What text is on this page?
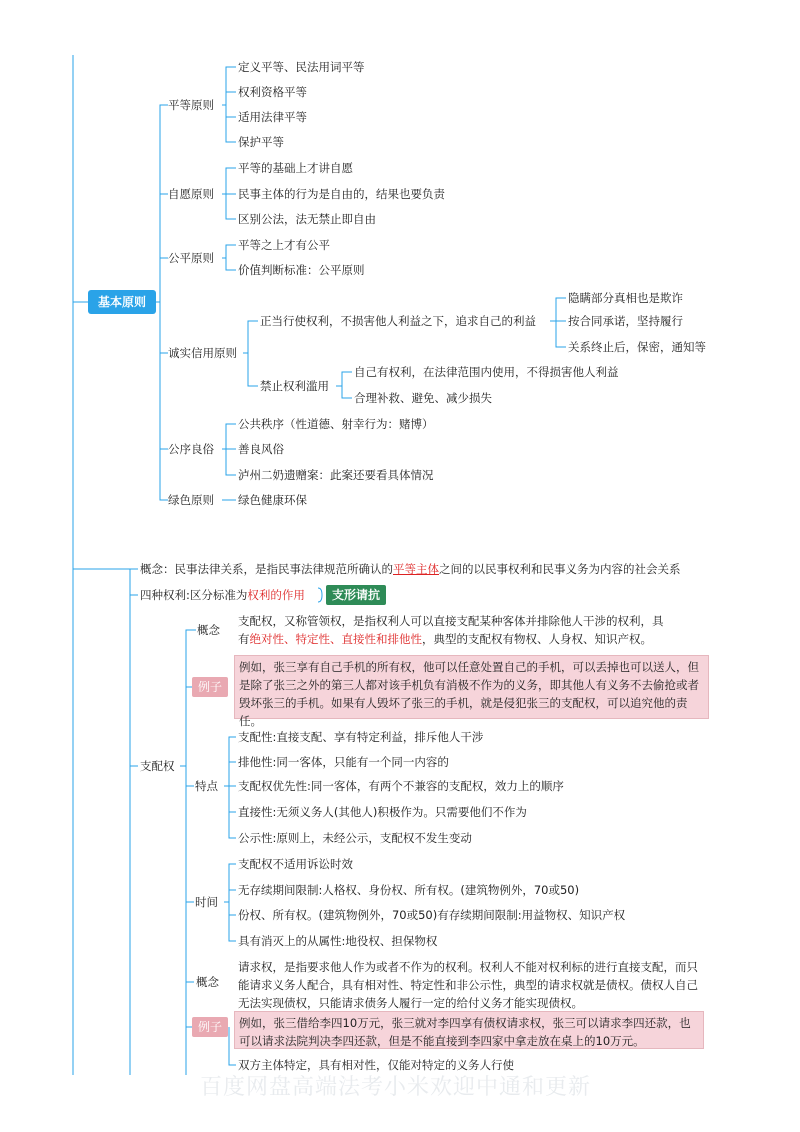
基本原则
平等原则
定义平等、民法用词平等
权利资格平等
适用法律平等
保护平等
自愿原则
平等的基础上才讲自愿
民事主体的行为是自由的，结果也要负责
区别公法，法无禁止即自由
公平原则
平等之上才有公平
价值判断标准：公平原则
诚实信用原则
正当行使权利，不损害他人利益之下，追求自己的利益
隐瞒部分真相也是欺诈
按合同承诺，坚持履行
关系终止后，保密，通知等
禁止权利滥用
自己有权利，在法律范围内使用，不得损害他人利益
合理补救、避免、减少损失
公序良俗
公共秩序（性道德、射幸行为：赌博）
善良风俗
泸州二奶遗赠案：此案还要看具体情况
绿色原则 绿色健康环保
概念：民事法律关系，是指民事法律规范所确认的平等主体之间的以民事权利和民事义务为内容的社会关系
四种权利:区分标准为权利的作用	支形请抗
支配权
概念
支配权，又称管领权，是指权利人可以直接支配某种客体并排除他人干涉的权利，具
有绝对性、特定性、直接性和排他性，典型的支配权有物权、人身权、知识产权。
例子
例如，张三享有自己手机的所有权，他可以任意处置自己的手机，可以丢掉也可以送人，但是除了张三之外的第三人都对该手机负有消极不作为的义务，即其他人有义务不去偷抢或者毁坏张三的手机。如果有人毁坏了张三的手机，就是侵犯张三的支配权，可以追究他的责任。
特点
支配性:直接支配、享有特定利益，排斥他人干涉
排他性:同一客体，只能有一个同一内容的
支配权优先性:同一客体，有两个不兼容的支配权，效力上的顺序
直接性:无须义务人(其他人)积极作为。只需要他们不作为
公示性:原则上，未经公示，支配权不发生变动
时间
支配权不适用诉讼时效
无存续期间限制:人格权、身份权、所有权。(建筑物例外，70或50)
份权、所有权。(建筑物例外，70或50)有存续期间限制:用益物权、知识产权
具有消灭上的从属性:地役权、担保物权
概念
请求权，是指要求他人作为或者不作为的权利。权利人不能对权利标的进行直接支配，而只能请求义务人配合，具有相对性、特定性和非公示性，典型的请求权就是债权。债权人自己无法实现债权，只能请求债务人履行一定的给付义务才能实现债权。
例子	例如，张三借给李四10万元，张三就对李四享有债权请求权，张三可以请求李四还款，也可以请求法院判决李四还款，但是不能直接到李四家中拿走放在桌上的10万元。
双方主体特定，具有相对性，仅能对特定的义务人行使
百度网盘高端法考小米欢迎中通和更新
